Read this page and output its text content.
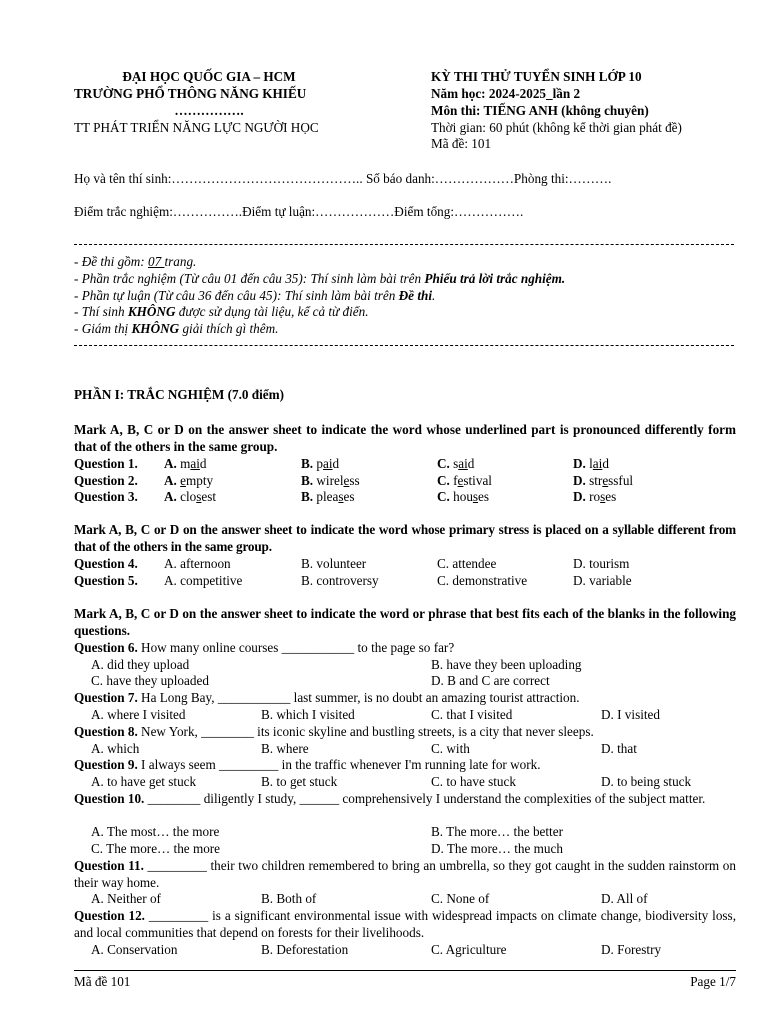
ĐẠI HỌC QUỐC GIA – HCM
TRƯỜNG PHỔ THÔNG NĂNG KHIẾU
…………….
TT PHÁT TRIỂN NĂNG LỰC NGƯỜI HỌC
KỲ THI THỬ TUYỂN SINH LỚP 10
Năm học: 2024-2025_lần 2
Môn thi: TIẾNG ANH (không chuyên)
Thời gian: 60 phút (không kể thời gian phát đề)
Mã đề: 101
Họ và tên thí sinh:…………………………………….. Số báo danh:………………Phòng thi:……….
Điểm trắc nghiệm:…………….Điểm tự luận:………………Điểm tổng:…………….
- Đề thi gồm: 07 trang.
- Phần trắc nghiệm (Từ câu 01 đến câu 35): Thí sinh làm bài trên Phiếu trả lời trắc nghiệm.
- Phần tự luận (Từ câu 36 đến câu 45): Thí sinh làm bài trên Đề thi.
- Thí sinh KHÔNG được sử dụng tài liệu, kể cả từ điển.
- Giám thị KHÔNG giải thích gì thêm.
PHẦN I: TRẮC NGHIỆM (7.0 điểm)
Mark A, B, C or D on the answer sheet to indicate the word whose underlined part is pronounced differently form that of the others in the same group.
Question 1. A. maid	B. paid	C. said	D. laid
Question 2. A. empty	B. wireless	C. festival	D. stressful
Question 3. A. closest	B. pleases	C. houses	D. roses
Mark A, B, C or D on the answer sheet to indicate the word whose primary stress is placed on a syllable different from that of the others in the same group.
Question 4. A. afternoon	B. volunteer	C. attendee	D. tourism
Question 5. A. competitive	B. controversy	C. demonstrative	D. variable
Mark A, B, C or D on the answer sheet to indicate the word or phrase that best fits each of the blanks in the following questions.
Question 6. How many online courses ___________ to the page so far?
A. did they upload	B. have they been uploading
C. have they uploaded	D. B and C are correct
Question 7. Ha Long Bay, ___________ last summer, is no doubt an amazing tourist attraction.
A. where I visited	B. which I visited	C. that I visited	D. I visited
Question 8. New York, ________ its iconic skyline and bustling streets, is a city that never sleeps.
A. which	B. where	C. with	D. that
Question 9. I always seem _________ in the traffic whenever I'm running late for work.
A. to have get stuck	B. to get stuck	C. to have stuck	D. to being stuck
Question 10. ________ diligently I study, ______ comprehensively I understand the complexities of the subject matter.
A. The most… the more	B. The more… the better
C. The more… the more	D. The more… the much
Question 11. _________ their two children remembered to bring an umbrella, so they got caught in the sudden rainstorm on their way home.
A. Neither of	B. Both of	C. None of	D. All of
Question 12. _________ is a significant environmental issue with widespread impacts on climate change, biodiversity loss, and local communities that depend on forests for their livelihoods.
A. Conservation	B. Deforestation	C. Agriculture	D. Forestry
Mã đề 101	Page 1/7
